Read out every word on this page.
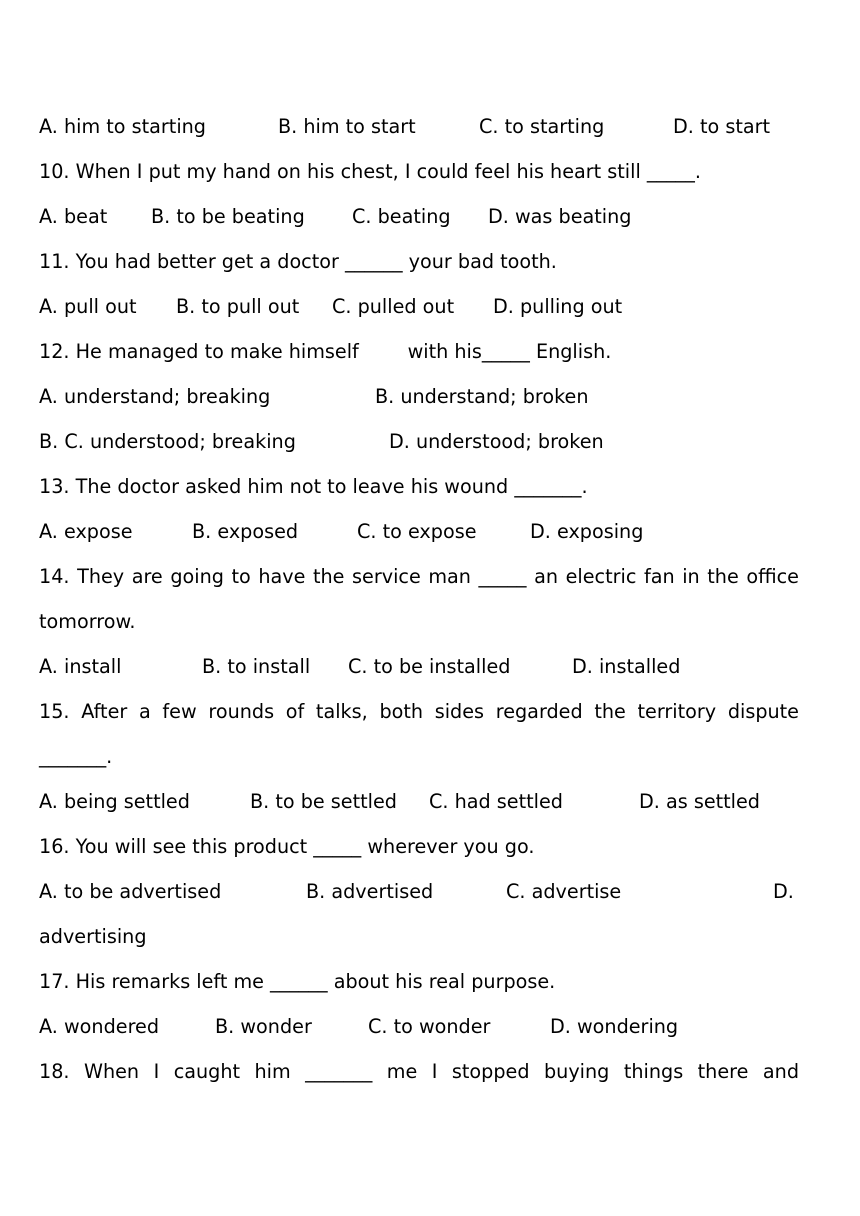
A. him to starting

	B. him to start

	C. to starting

	D. to start

10. When I put my hand on his chest, I could feel his heart still _____.

A. beat

B. to be beating

C. beating

D. was beating

11. You had better get a doctor ______ your bad tooth.

A. pull out

B. to pull out

C. pulled out

D. pulling out

12. He managed to make himself        with his_____ English.

A. understand; breaking

	B. understand; broken

B. C. understood; breaking

	D. understood; broken

13. The doctor asked him not to leave his wound _______.

A. expose

	B. exposed

	C. to expose

	D. exposing

14. They are going to have the service man _____ an electric fan in the office
tomorrow.

A. install

	B. to install

C. to be installed

	D. installed

15. After a few rounds of talks, both sides regarded the territory dispute
_______.

A. being settled

	B. to be settled

C. had settled

	D. as settled

16. You will see this product _____ wherever you go.

A. to be advertised

	B. advertised

	C. advertise

	D.

advertising
17. His remarks left me ______ about his real purpose.

A. wondered

	B. wonder

	C. to wonder

	D. wondering

18. When I caught him _______ me I stopped buying things there and
